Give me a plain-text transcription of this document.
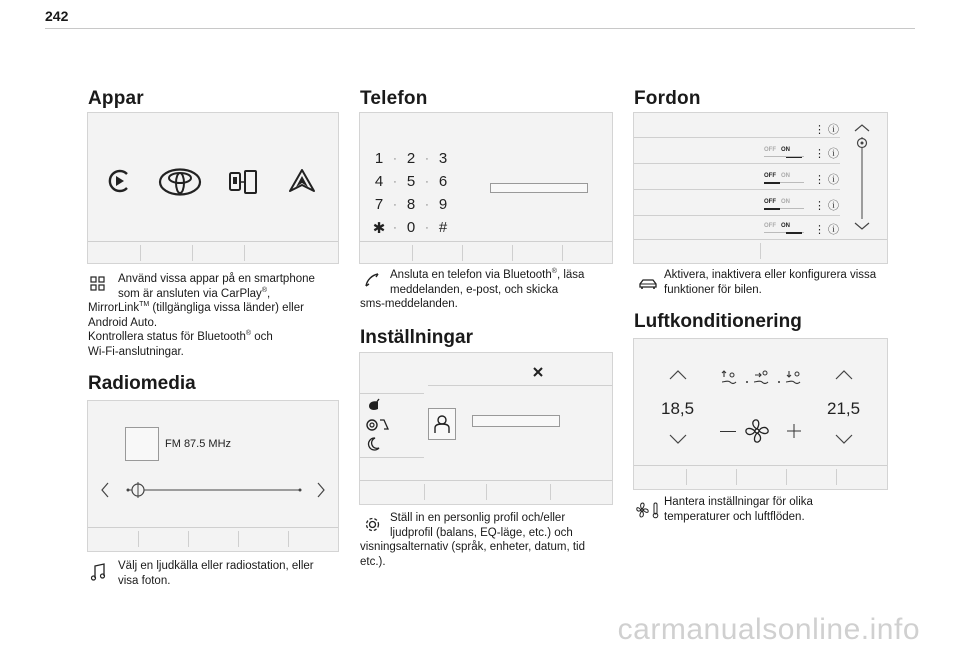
242
Appar
Använd vissa appar på en smartphone
som är ansluten via CarPlay®,
MirrorLink™ (tillgängliga vissa länder) eller
Android Auto.
Kontrollera status för Bluetooth® och
Wi-Fi-anslutningar.
Radiomedia
FM 87.5 MHz
Välj en ljudkälla eller radiostation, eller
visa foton.
Telefon
1 · 2 · 3
4 · 5 · 6
7 · 8 · 9
✱ · 0 · #
Ansluta en telefon via Bluetooth®, läsa
meddelanden, e-post, och skicka
sms-meddelanden.
Inställningar
Ställ in en personlig profil och/eller
ljudprofil (balans, EQ-läge, etc.) och
visningsalternativ (språk, enheter, datum, tid
etc.).
Fordon
⋮ ⓘ
⋮ ⓘ
⋮ ⓘ
⋮ ⓘ
⋮ ⓘ
OFF ON
OFF ON
OFF ON
OFF ON
Aktivera, inaktivera eller konfigurera vissa
funktioner för bilen.
Luftkonditionering
18,5	21,5
Hantera inställningar för olika
temperaturer och luftflöden.
carmanualsonline.info
